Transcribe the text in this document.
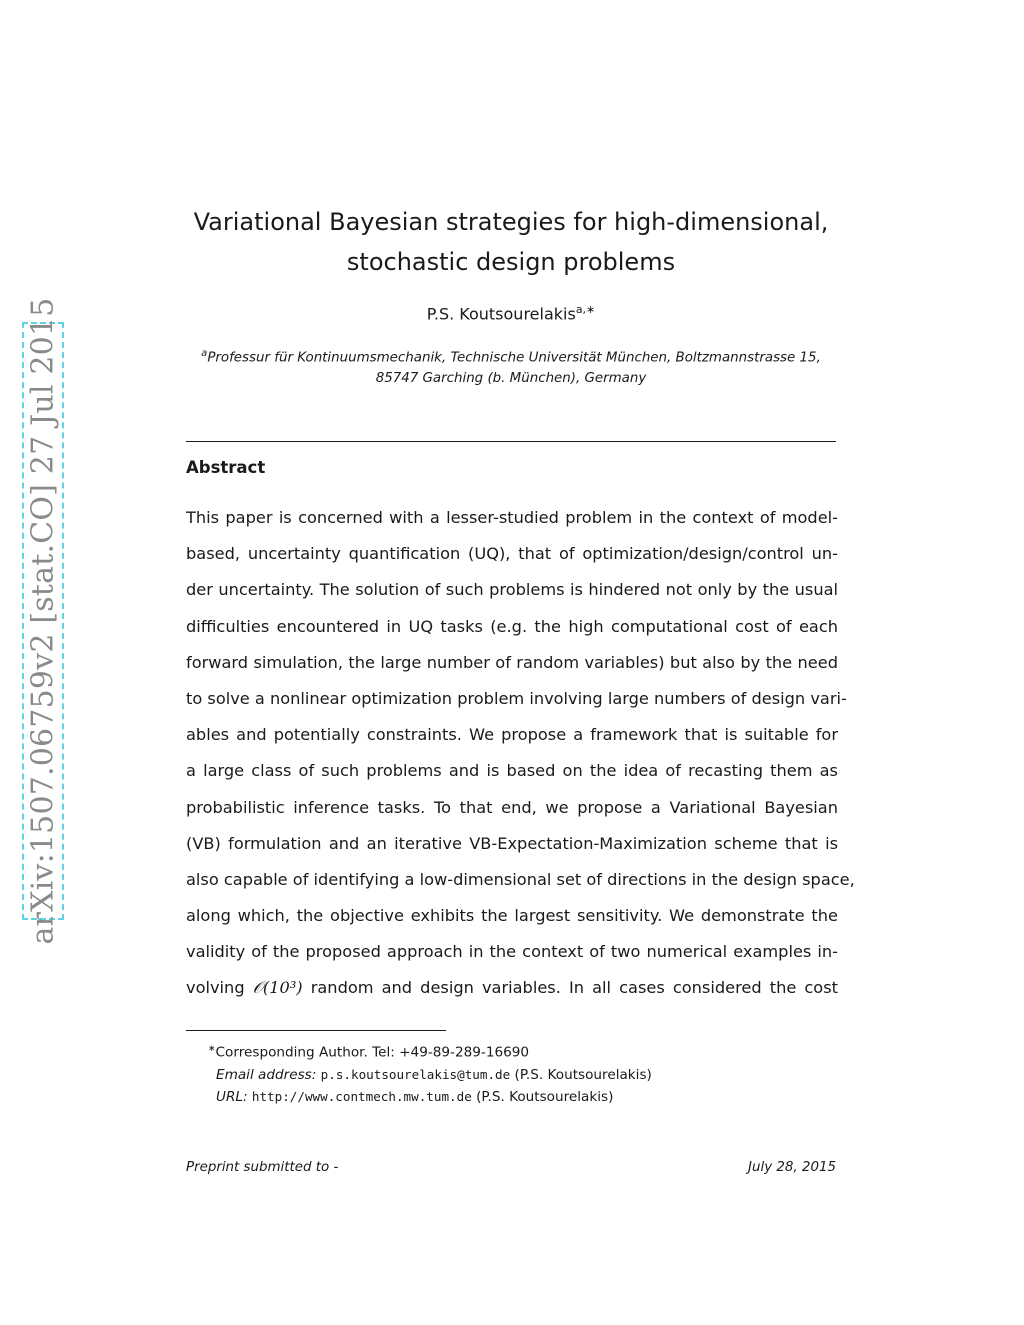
arXiv:1507.06759v2 [stat.CO] 27 Jul 2015
Variational Bayesian strategies for high-dimensional,
stochastic design problems
P.S. Koutsourelakis$^{a,∗}$
$^a$Professur für Kontinuumsmechanik, Technische Universität München, Boltzmannstrasse 15,
85747 Garching (b. München), Germany
Abstract
This paper is concerned with a lesser-studied problem in the context of model-
based, uncertainty quantification (UQ), that of optimization/design/control un-
der uncertainty. The solution of such problems is hindered not only by the usual
difficulties encountered in UQ tasks (e.g. the high computational cost of each
forward simulation, the large number of random variables) but also by the need
to solve a nonlinear optimization problem involving large numbers of design vari-
ables and potentially constraints. We propose a framework that is suitable for
a large class of such problems and is based on the idea of recasting them as
probabilistic inference tasks. To that end, we propose a Variational Bayesian
(VB) formulation and an iterative VB-Expectation-Maximization scheme that is
also capable of identifying a low-dimensional set of directions in the design space,
along which, the objective exhibits the largest sensitivity. We demonstrate the
validity of the proposed approach in the context of two numerical examples in-
volving 𝒪(10³) random and design variables. In all cases considered the cost
∗Corresponding Author. Tel: +49-89-289-16690
Email address: p.s.koutsourelakis@tum.de (P.S. Koutsourelakis)
URL: http://www.contmech.mw.tum.de (P.S. Koutsourelakis)
Preprint submitted to -	July 28, 2015
